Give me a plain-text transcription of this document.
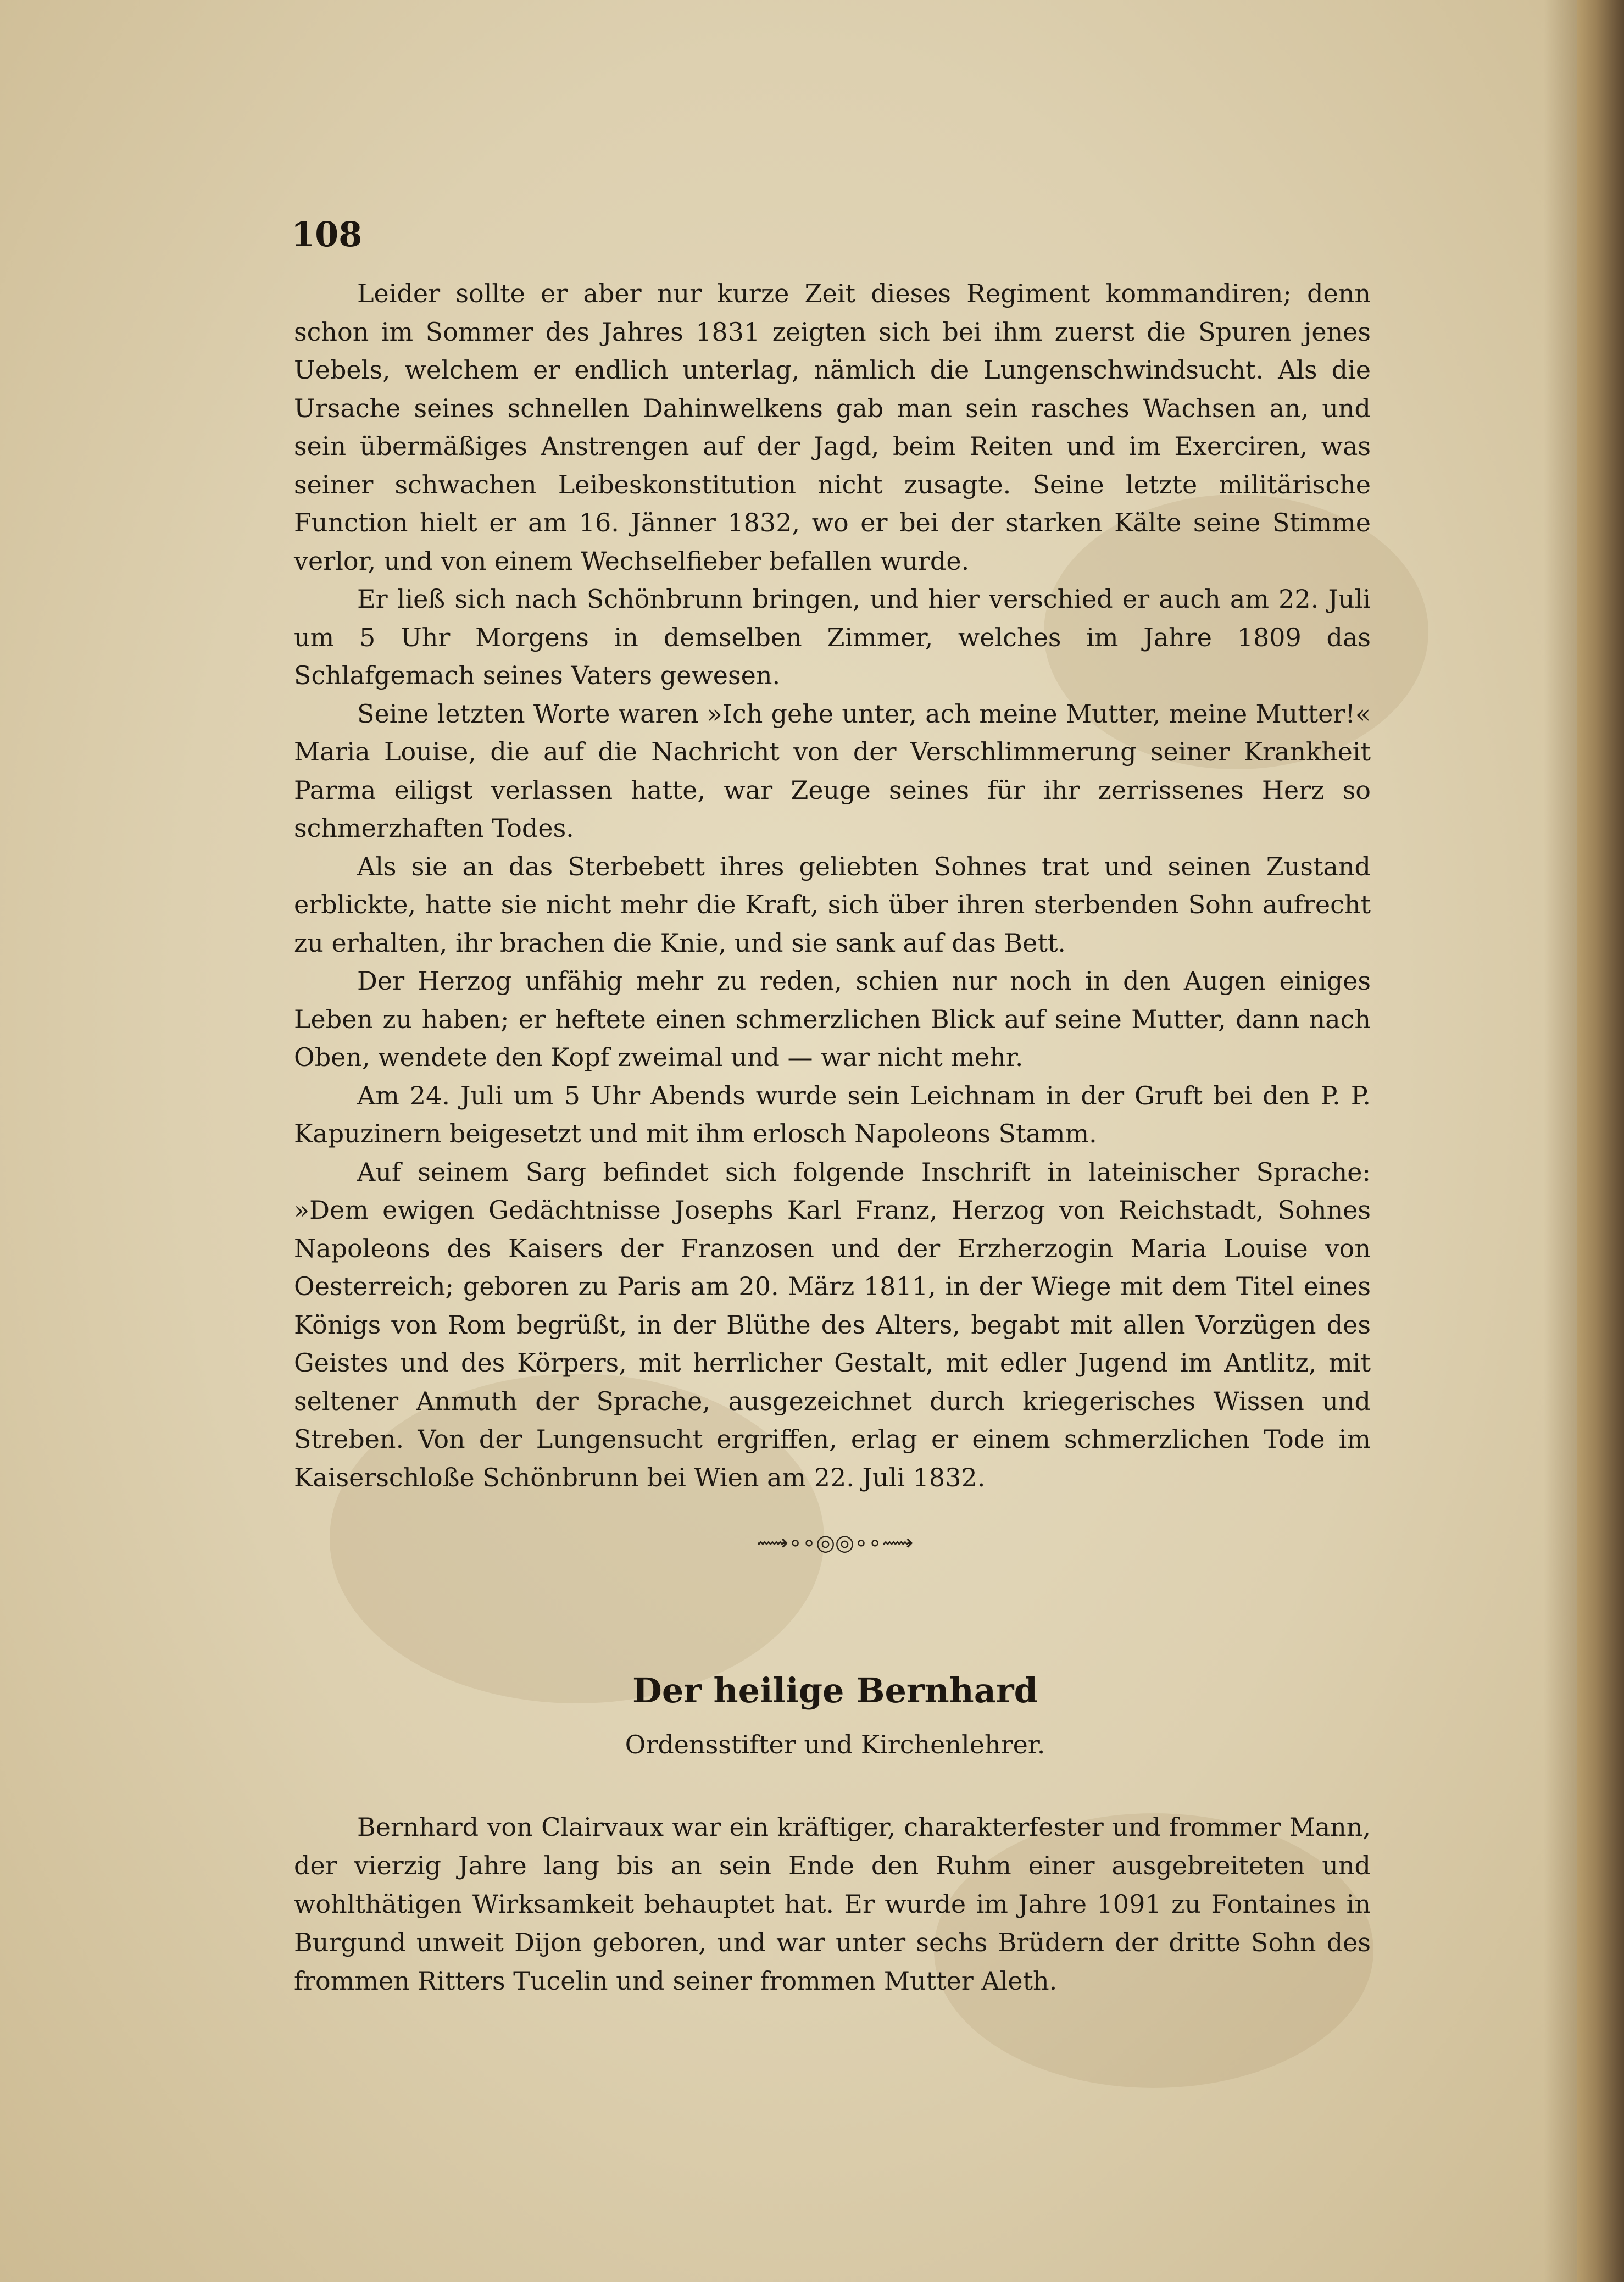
108

Leider sollte er aber nur kurze Zeit dieses Regiment kommandiren; denn schon im Sommer des Jahres 1831 zeigten sich bei ihm zuerst die Spuren jenes Uebels, welchem er endlich unterlag, nämlich die Lungenschwindsucht. Als die Ursache seines schnellen Dahinwelkens gab man sein rasches Wachsen an, und sein übermäßiges Anstrengen auf der Jagd, beim Reiten und im Exerciren, was seiner schwachen Leibeskonstitution nicht zusagte. Seine letzte militärische Function hielt er am 16. Jänner 1832, wo er bei der starken Kälte seine Stimme verlor, und von einem Wechselfieber befallen wurde.

Er ließ sich nach Schönbrunn bringen, und hier verschied er auch am 22. Juli um 5 Uhr Morgens in demselben Zimmer, welches im Jahre 1809 das Schlafgemach seines Vaters gewesen.

Seine letzten Worte waren »Ich gehe unter, ach meine Mutter, meine Mutter!« Maria Louise, die auf die Nachricht von der Verschlimmerung seiner Krankheit Parma eiligst verlassen hatte, war Zeuge seines für ihr zerrissenes Herz so schmerzhaften Todes.

Als sie an das Sterbebett ihres geliebten Sohnes trat und seinen Zustand erblickte, hatte sie nicht mehr die Kraft, sich über ihren sterbenden Sohn aufrecht zu erhalten, ihr brachen die Knie, und sie sank auf das Bett.

Der Herzog unfähig mehr zu reden, schien nur noch in den Augen einiges Leben zu haben; er heftete einen schmerzlichen Blick auf seine Mutter, dann nach Oben, wendete den Kopf zweimal und — war nicht mehr.

Am 24. Juli um 5 Uhr Abends wurde sein Leichnam in der Gruft bei den P. P. Kapuzinern beigesetzt und mit ihm erlosch Napoleons Stamm.

Auf seinem Sarg befindet sich folgende Inschrift in lateinischer Sprache: »Dem ewigen Gedächtnisse Josephs Karl Franz, Herzog von Reichstadt, Sohnes Napoleons des Kaisers der Franzosen und der Erzherzogin Maria Louise von Oesterreich; geboren zu Paris am 20. März 1811, in der Wiege mit dem Titel eines Königs von Rom begrüßt, in der Blüthe des Alters, begabt mit allen Vorzügen des Geistes und des Körpers, mit herrlicher Gestalt, mit edler Jugend im Antlitz, mit seltener Anmuth der Sprache, ausgezeichnet durch kriegerisches Wissen und Streben. Von der Lungensucht ergriffen, erlag er einem schmerzlichen Tode im Kaiserschloße Schönbrunn bei Wien am 22. Juli 1832.

⟿∘∘◎◎∘∘⟿
Der heilige Bernhard
Ordensstifter und Kirchenlehrer.

Bernhard von Clairvaux war ein kräftiger, charakterfester und frommer Mann, der vierzig Jahre lang bis an sein Ende den Ruhm einer ausgebreiteten und wohlthätigen Wirksamkeit behauptet hat. Er wurde im Jahre 1091 zu Fontaines in Burgund unweit Dijon geboren, und war unter sechs Brüdern der dritte Sohn des frommen Ritters Tucelin und seiner frommen Mutter Aleth.
